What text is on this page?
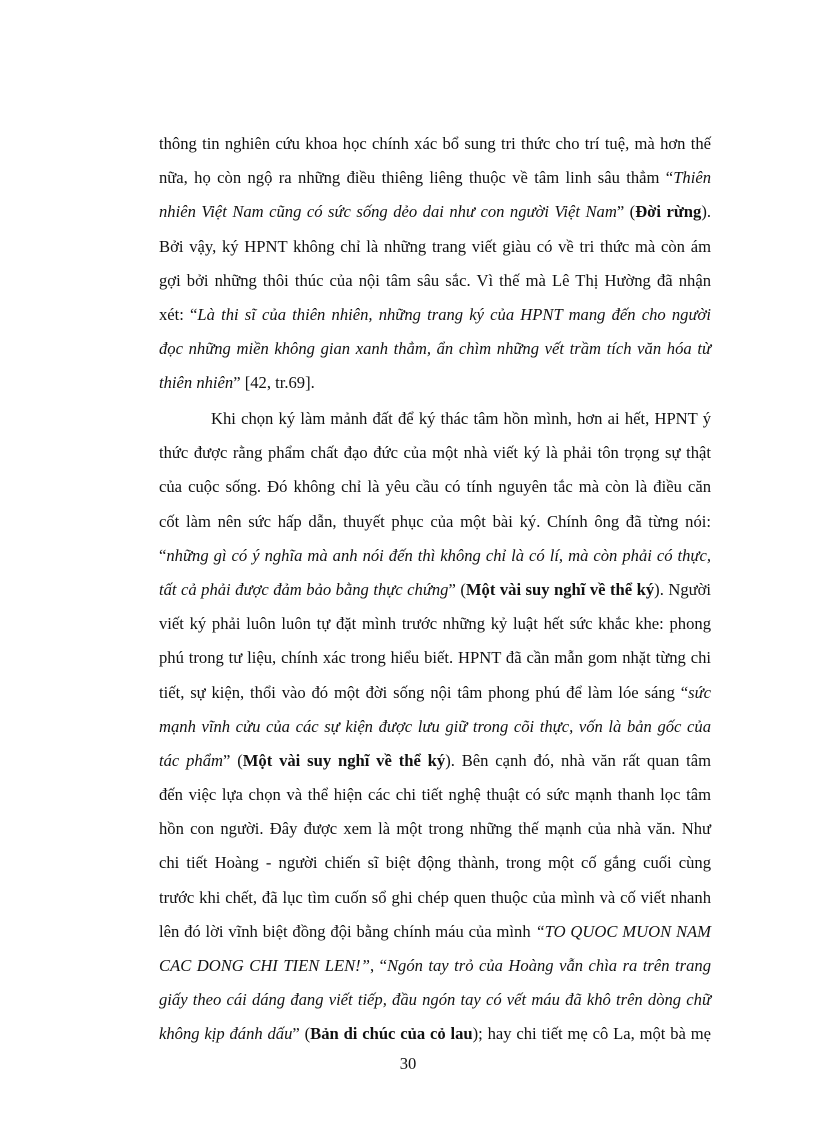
thông tin nghiên cứu khoa học chính xác bổ sung tri thức cho trí tuệ, mà hơn thế
nữa, họ còn ngộ ra những điều thiêng liêng thuộc về tâm linh sâu thẳm “Thiên
nhiên Việt Nam cũng có sức sống dẻo dai như con người Việt Nam” (Đời rừng).
Bởi vậy, ký HPNT không chỉ là những trang viết giàu có về tri thức mà còn ám
gợi bởi những thôi thúc của nội tâm sâu sắc. Vì thế mà Lê Thị Hường đã nhận
xét: “Là thi sĩ của thiên nhiên, những trang ký của HPNT mang đến cho người
đọc những miền không gian xanh thẳm, ẩn chìm những vết trầm tích văn hóa từ
thiên nhiên” [42, tr.69].
Khi chọn ký làm mảnh đất để ký thác tâm hồn mình, hơn ai hết, HPNT ý
thức được rằng phẩm chất đạo đức của một nhà viết ký là phải tôn trọng sự thật
của cuộc sống. Đó không chỉ là yêu cầu có tính nguyên tắc mà còn là điều căn
cốt làm nên sức hấp dẫn, thuyết phục của một bài ký. Chính ông đã từng nói:
“những gì có ý nghĩa mà anh nói đến thì không chỉ là có lí, mà còn phải có thực,
tất cả phải được đảm bảo bằng thực chứng” (Một vài suy nghĩ về thể ký). Người
viết ký phải luôn luôn tự đặt mình trước những kỷ luật hết sức khắc khe: phong
phú trong tư liệu, chính xác trong hiểu biết. HPNT đã cần mẫn gom nhặt từng chi
tiết, sự kiện, thổi vào đó một đời sống nội tâm phong phú để làm lóe sáng “sức
mạnh vĩnh cửu của các sự kiện được lưu giữ trong cõi thực, vốn là bản gốc của
tác phẩm” (Một vài suy nghĩ về thể ký). Bên cạnh đó, nhà văn rất quan tâm
đến việc lựa chọn và thể hiện các chi tiết nghệ thuật có sức mạnh thanh lọc tâm
hồn con người. Đây được xem là một trong những thế mạnh của nhà văn. Như
chi tiết Hoàng - người chiến sĩ biệt động thành, trong một cố gắng cuối cùng
trước khi chết, đã lục tìm cuốn sổ ghi chép quen thuộc của mình và cố viết nhanh
lên đó lời vĩnh biệt đồng đội bằng chính máu của mình “TO QUOC MUON NAM
CAC DONG CHI TIEN LEN!”, “Ngón tay trỏ của Hoàng vẫn chìa ra trên trang
giấy theo cái dáng đang viết tiếp, đầu ngón tay có vết máu đã khô trên dòng chữ
không kịp đánh dấu” (Bản di chúc của cỏ lau); hay chi tiết mẹ cô La, một bà mẹ
30
